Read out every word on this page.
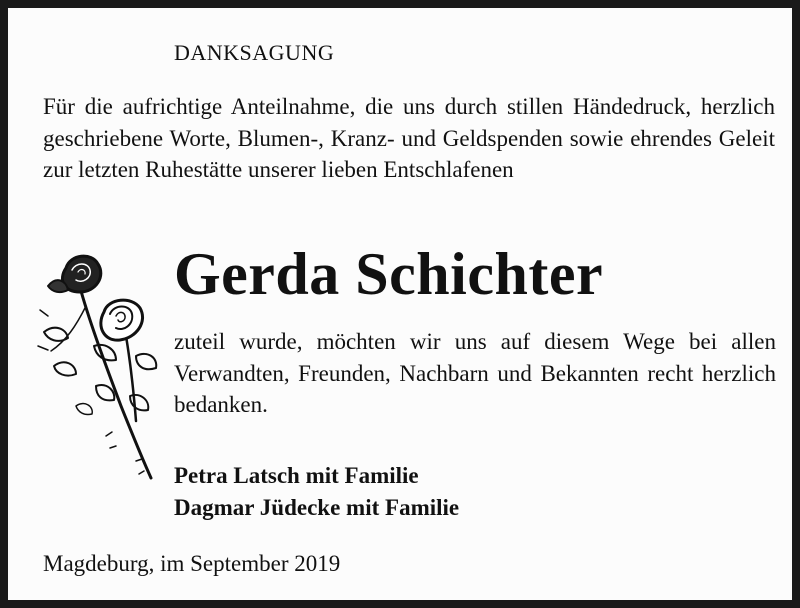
DANKSAGUNG

Für die aufrichtige Anteilnahme, die uns durch stillen Händedruck, herzlich geschriebene Worte, Blumen-, Kranz- und Geldspenden sowie ehrendes Geleit zur letzten Ruhestätte unserer lieben Entschlafenen

Gerda Schichter

zuteil wurde, möchten wir uns auf diesem Wege bei allen Verwandten, Freunden, Nachbarn und Bekannten recht herzlich bedanken.

Petra Latsch mit Familie
Dagmar Jüdecke mit Familie
Magdeburg, im September 2019
